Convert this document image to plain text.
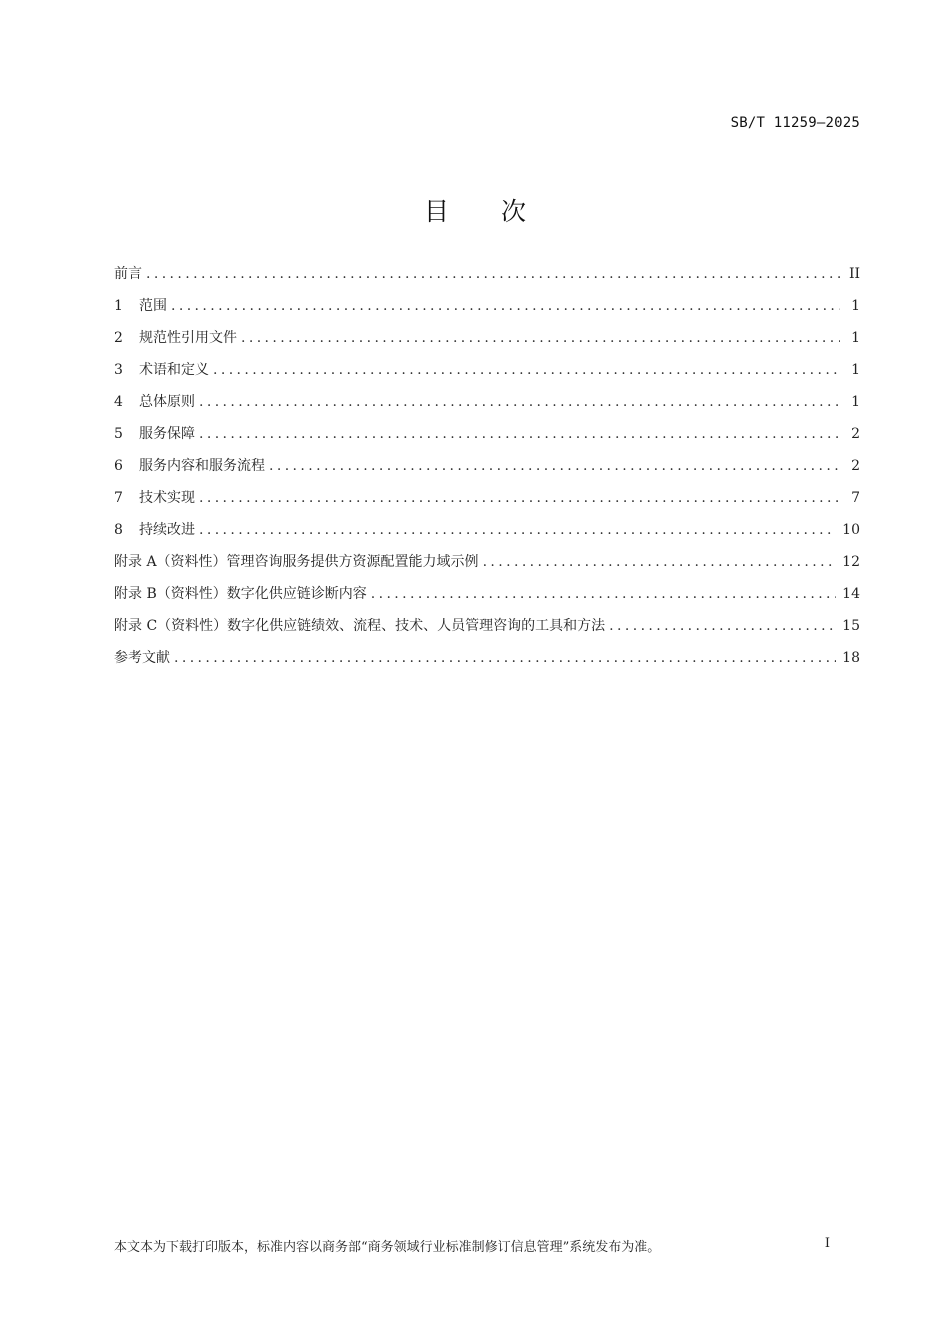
SB/T 11259—2025
目 次
前言 .....	II
1	范围 .....	1
2	规范性引用文件 .....	1
3	术语和定义 .....	1
4	总体原则 .....	1
5	服务保障 .....	2
6	服务内容和服务流程 .....	2
7	技术实现 .....	7
8	持续改进 .....	10
附录 A（资料性）管理咨询服务提供方资源配置能力域示例 .....	12
附录 B（资料性）数字化供应链诊断内容 .....	14
附录 C（资料性）数字化供应链绩效、流程、技术、人员管理咨询的工具和方法 .....	15
参考文献 .....	18
本文本为下载打印版本，标准内容以商务部“商务领域行业标准制修订信息管理”系统发布为准。	I
